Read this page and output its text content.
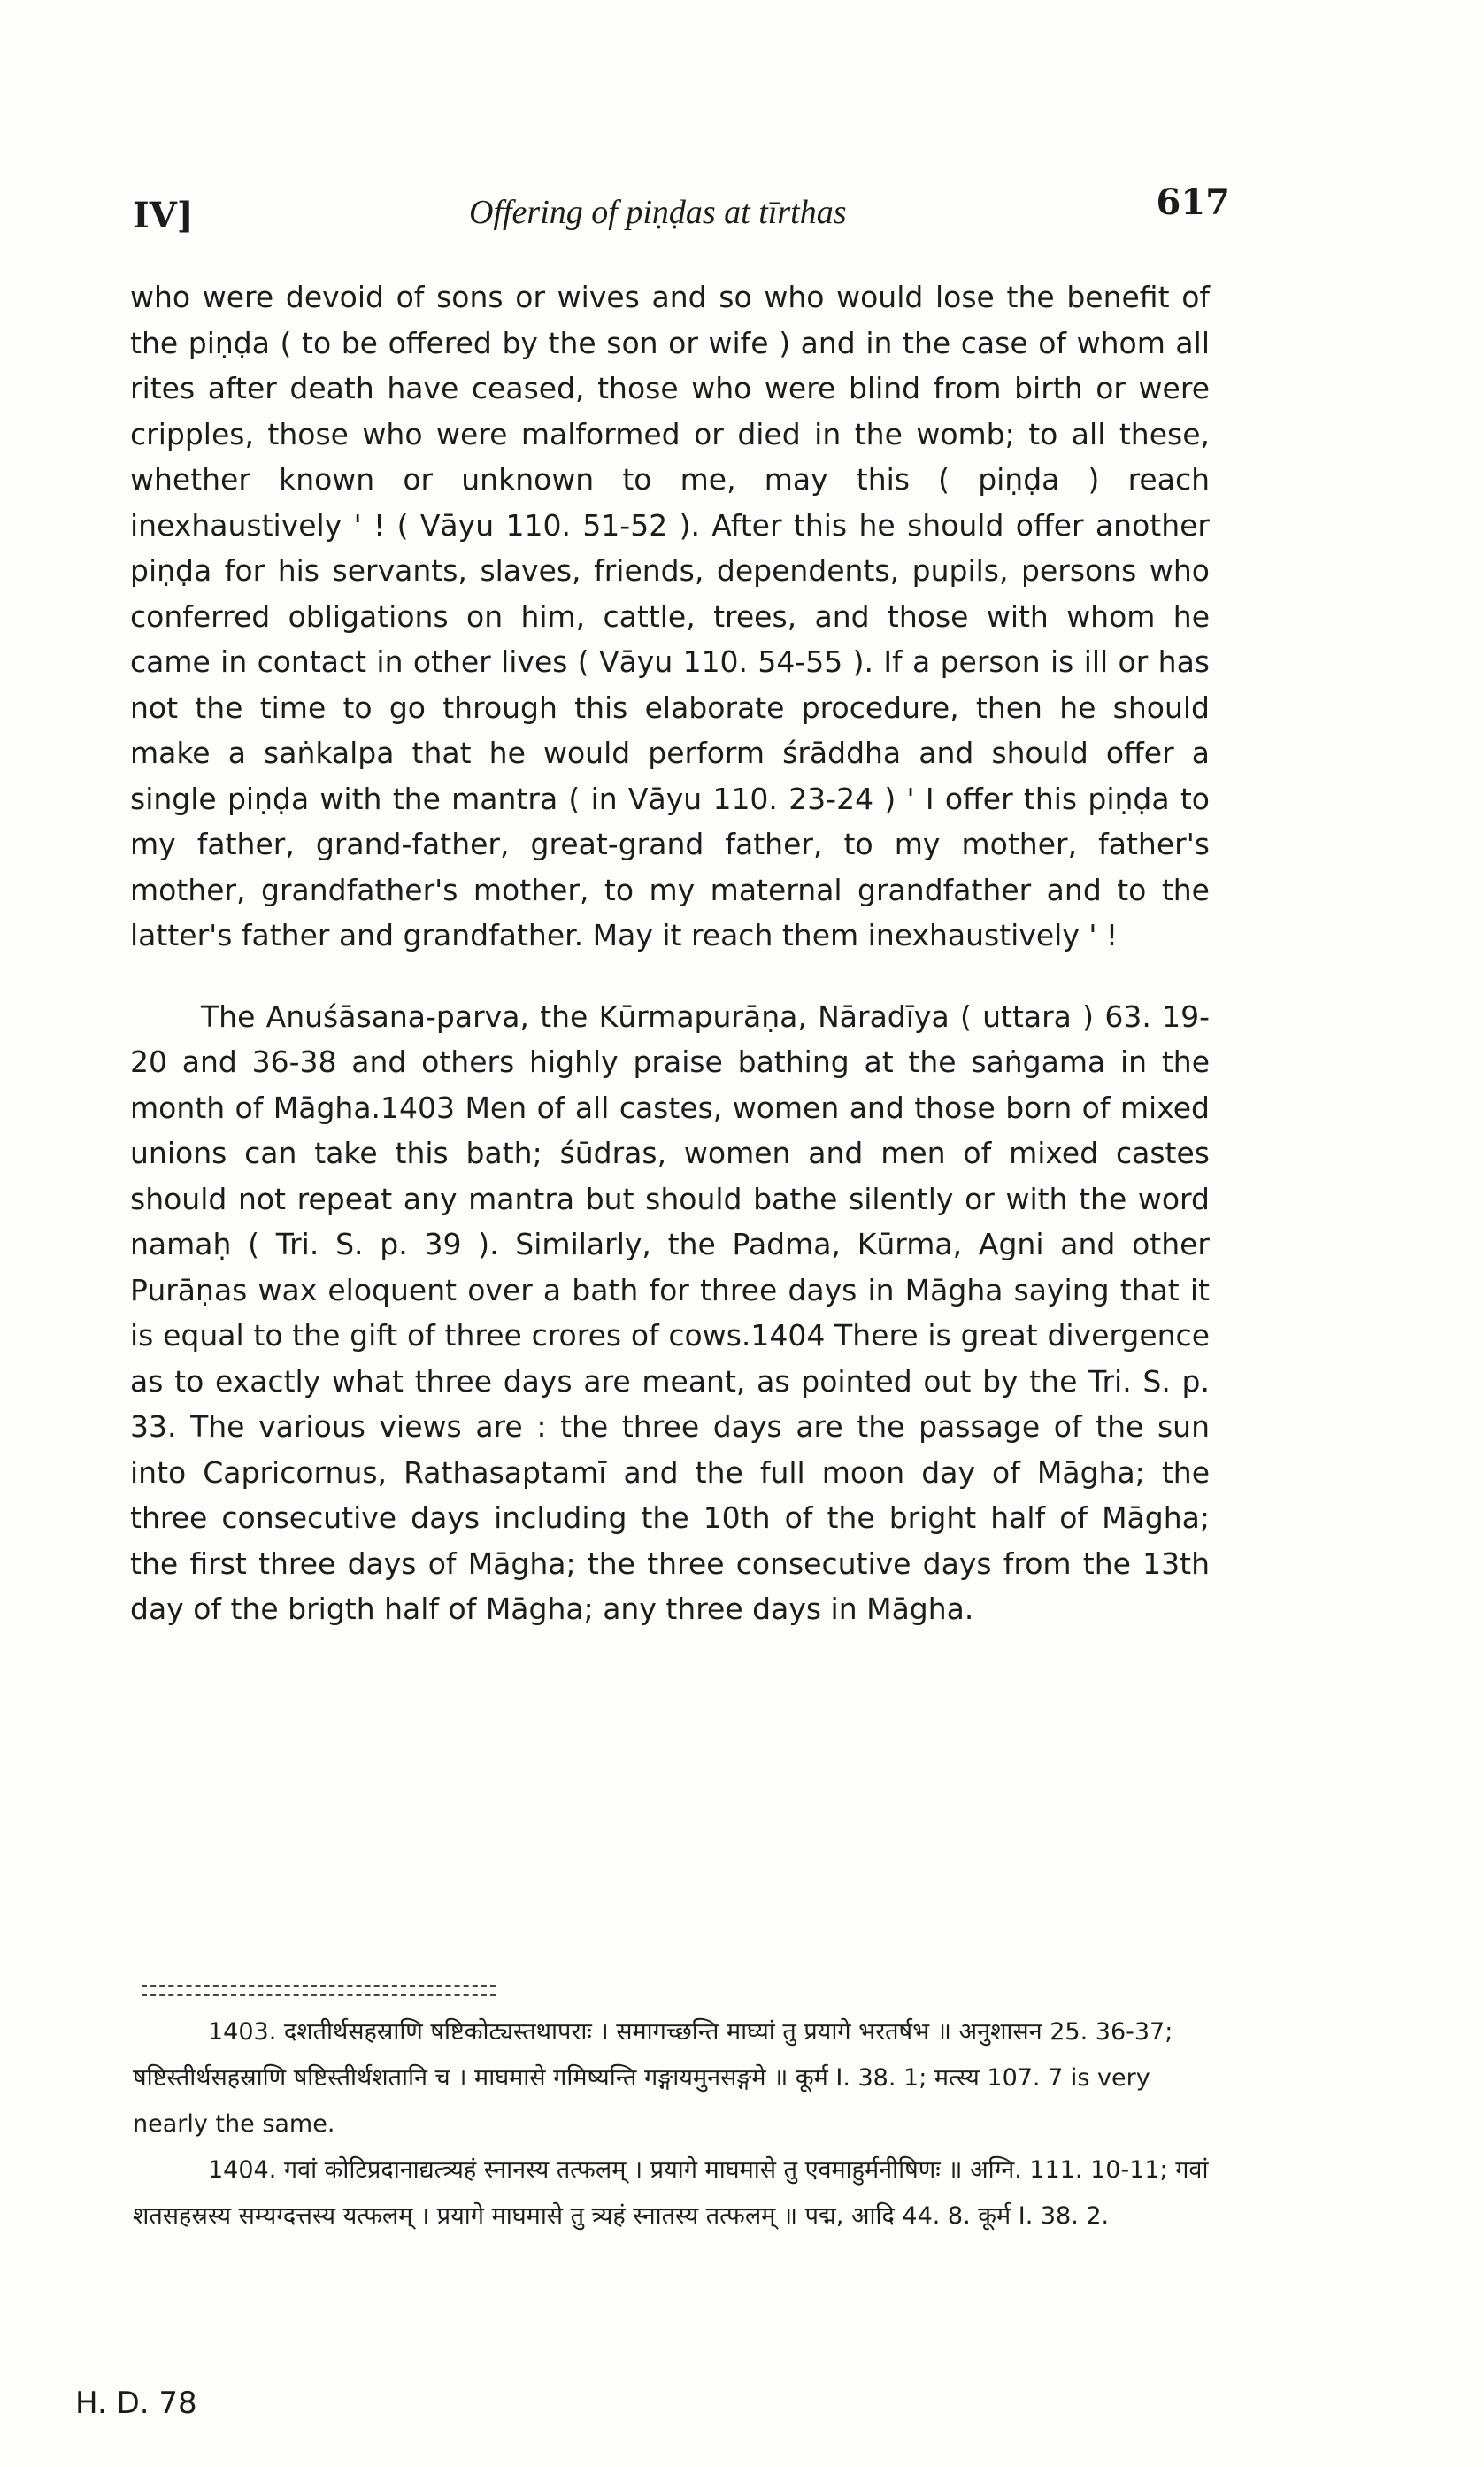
IV]	Offering of piṇḍas at tīrthas	617

who were devoid of sons or wives and so who would lose the benefit of the piṇḍa ( to be offered by the son or wife ) and in the case of whom all rites after death have ceased, those who were blind from birth or were cripples, those who were malformed or died in the womb; to all these, whether known or unknown to me, may this ( piṇḍa ) reach inexhaustively ' ! ( Vāyu 110. 51-52 ). After this he should offer another piṇḍa for his servants, slaves, friends, dependents, pupils, persons who conferred obligations on him, cattle, trees, and those with whom he came in contact in other lives ( Vāyu 110. 54-55 ). If a person is ill or has not the time to go through this elaborate procedure, then he should make a saṅkalpa that he would perform śrāddha and should offer a single piṇḍa with the mantra ( in Vāyu 110. 23-24 ) ' I offer this piṇḍa to my father, grand-father, great-grand father, to my mother, father's mother, grandfather's mother, to my maternal grandfather and to the latter's father and grandfather. May it reach them inexhaustively ' !

The Anuśāsana-parva, the Kūrmapurāṇa, Nāradīya ( uttara ) 63. 19-20 and 36-38 and others highly praise bathing at the saṅgama in the month of Māgha.1403 Men of all castes, women and those born of mixed unions can take this bath; śūdras, women and men of mixed castes should not repeat any mantra but should bathe silently or with the word namaḥ ( Tri. S. p. 39 ). Similarly, the Padma, Kūrma, Agni and other Purāṇas wax eloquent over a bath for three days in Māgha saying that it is equal to the gift of three crores of cows.1404 There is great divergence as to exactly what three days are meant, as pointed out by the Tri. S. p. 33. The various views are : the three days are the passage of the sun into Capricornus, Rathasaptamī and the full moon day of Māgha; the three consecutive days including the 10th of the bright half of Māgha; the first three days of Māgha; the three consecutive days from the 13th day of the brigth half of Māgha; any three days in Māgha.

1403. दशतीर्थसहस्राणि षष्टिकोट्यस्तथापराः । समागच्छन्ति माघ्यां तु प्रयागे भरतर्षभ ॥ अनुशासन 25. 36-37; षष्टिस्तीर्थसहस्राणि षष्टिस्तीर्थशतानि च । माघमासे गमिष्यन्ति गङ्गायमुनसङ्गमे ॥ कूर्म I. 38. 1; मत्स्य 107. 7 is very nearly the same.

1404. गवां कोटिप्रदानाद्यत्त्र्यहं स्नानस्य तत्फलम् । प्रयागे माघमासे तु एवमाहुर्मनीषिणः ॥ अग्नि. 111. 10-11; गवां शतसहस्रस्य सम्यग्दत्तस्य यत्फलम् । प्रयागे माघमासे तु त्र्यहं स्नातस्य तत्फलम् ॥ पद्म, आदि 44. 8. कूर्म I. 38. 2.

H. D. 78
